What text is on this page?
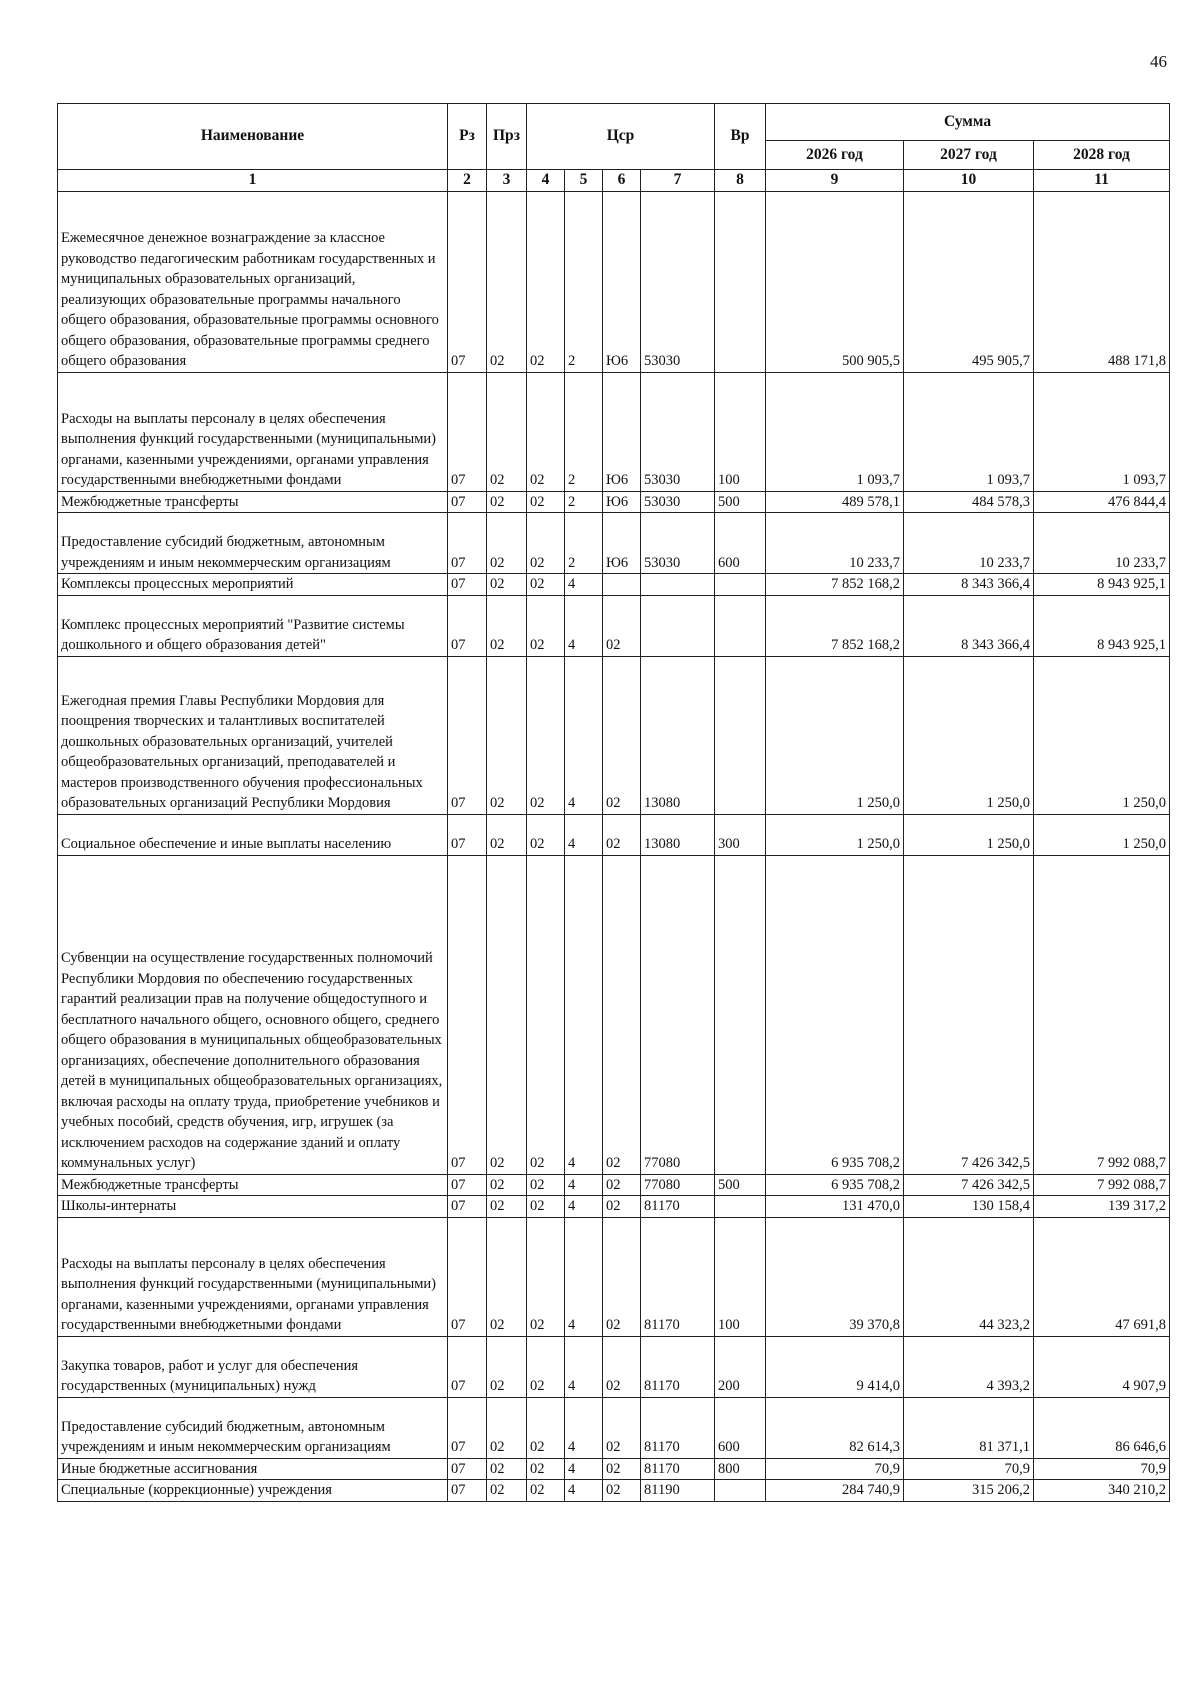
46
Наименование	Рз	Прз	Цср				Вр	Сумма		
								2026 год	2027 год	2028 год
1	2	3	4	5	6	7	8	9	10	11
Ежемесячное денежное вознаграждение за классное руководство педагогическим работникам государственных и муниципальных образовательных организаций, реализующих образовательные программы начального общего образования, образовательные программы основного общего образования, образовательные программы среднего общего образования	07	02	02	2	Ю6	53030		500 905,5	495 905,7	488 171,8
Расходы на выплаты персоналу в целях обеспечения выполнения функций государственными (муниципальными) органами, казенными учреждениями, органами управления государственными внебюджетными фондами	07	02	02	2	Ю6	53030	100	1 093,7	1 093,7	1 093,7
Межбюджетные трансферты	07	02	02	2	Ю6	53030	500	489 578,1	484 578,3	476 844,4
Предоставление субсидий бюджетным, автономным учреждениям и иным некоммерческим организациям	07	02	02	2	Ю6	53030	600	10 233,7	10 233,7	10 233,7
Комплексы процессных мероприятий	07	02	02	4				7 852 168,2	8 343 366,4	8 943 925,1
Комплекс процессных мероприятий "Развитие системы дошкольного и общего образования детей"	07	02	02	4	02			7 852 168,2	8 343 366,4	8 943 925,1
Ежегодная премия Главы Республики Мордовия для поощрения творческих и талантливых воспитателей дошкольных образовательных организаций, учителей общеобразовательных организаций, преподавателей и мастеров производственного обучения профессиональных образовательных организаций Республики Мордовия	07	02	02	4	02	13080		1 250,0	1 250,0	1 250,0
Социальное обеспечение и иные выплаты населению	07	02	02	4	02	13080	300	1 250,0	1 250,0	1 250,0
Субвенции на осуществление государственных полномочий Республики Мордовия по обеспечению государственных гарантий реализации прав на получение общедоступного и бесплатного начального общего, основного общего, среднего общего образования в муниципальных общеобразовательных организациях, обеспечение дополнительного образования детей в муниципальных общеобразовательных организациях, включая расходы на оплату труда, приобретение учебников и учебных пособий, средств обучения, игр, игрушек (за исключением расходов на содержание зданий и оплату коммунальных услуг)	07	02	02	4	02	77080		6 935 708,2	7 426 342,5	7 992 088,7
Межбюджетные трансферты	07	02	02	4	02	77080	500	6 935 708,2	7 426 342,5	7 992 088,7
Школы-интернаты	07	02	02	4	02	81170		131 470,0	130 158,4	139 317,2
Расходы на выплаты персоналу в целях обеспечения выполнения функций государственными (муниципальными) органами, казенными учреждениями, органами управления государственными внебюджетными фондами	07	02	02	4	02	81170	100	39 370,8	44 323,2	47 691,8
Закупка товаров, работ и услуг для обеспечения государственных (муниципальных) нужд	07	02	02	4	02	81170	200	9 414,0	4 393,2	4 907,9
Предоставление субсидий бюджетным, автономным учреждениям и иным некоммерческим организациям	07	02	02	4	02	81170	600	82 614,3	81 371,1	86 646,6
Иные бюджетные ассигнования	07	02	02	4	02	81170	800	70,9	70,9	70,9
Специальные (коррекционные) учреждения	07	02	02	4	02	81190		284 740,9	315 206,2	340 210,2
